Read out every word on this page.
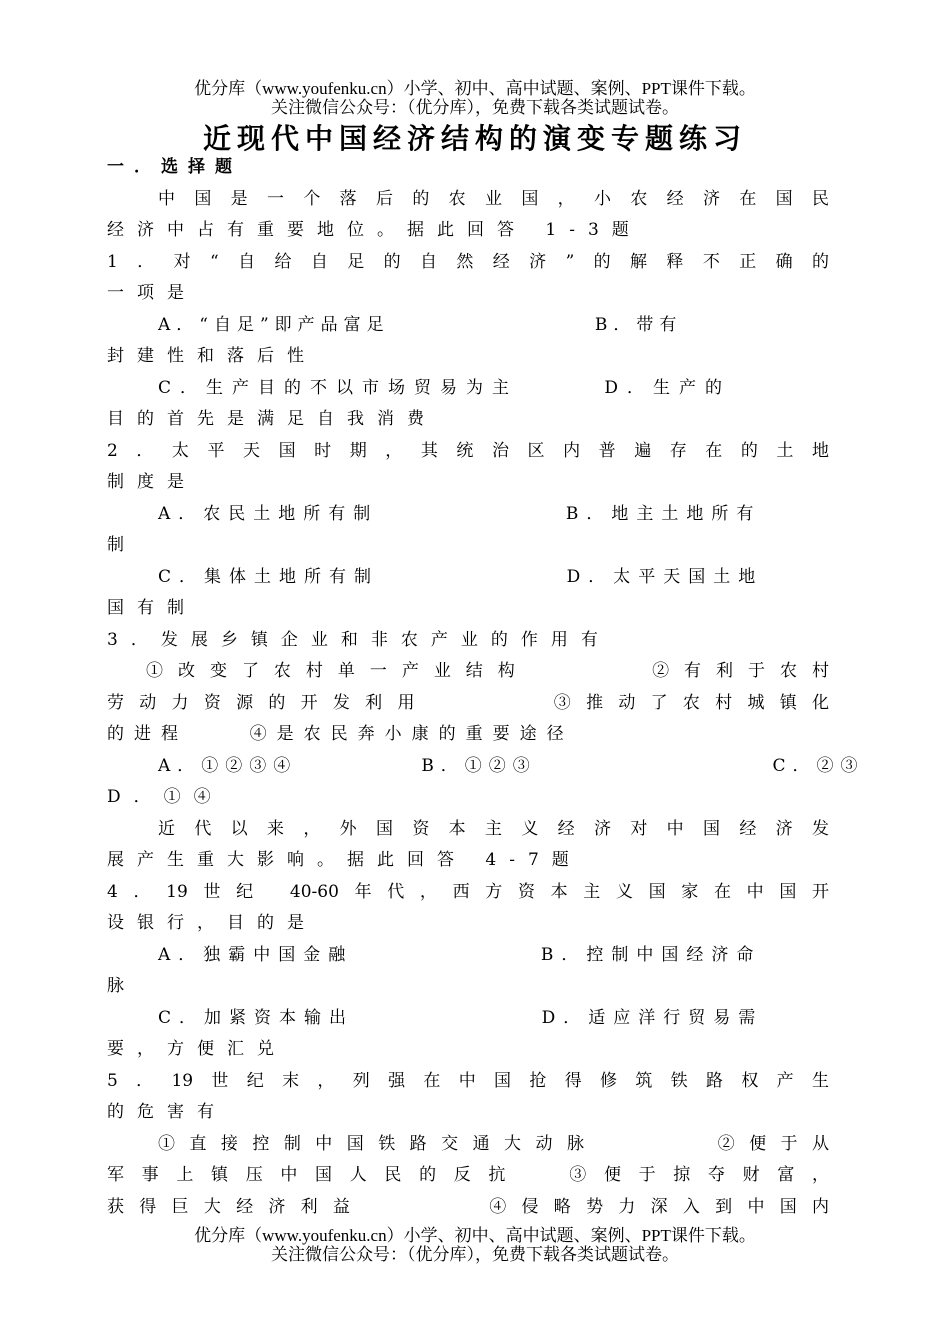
优分库（www.youfenku.cn）小学、初中、高中试题、案例、PPT课件下载。
关注微信公众号：（优分库），免费下载各类试题试卷。
近现代中国经济结构的演变专题练习
一．选择题
中国是一个落后的农业国，小农经济在国民
经济中占有重要地位。据此回答 1-3题
1．对“自给自足的自然经济”的解释不正确的
一项是
A．“自足”即产品富足                  B．带有
封建性和落后性
C．生产目的不以市场贸易为主      D．生产的
目的首先是满足自我消费
2．太平天国时期，其统治区内普遍存在的土地
制度是
A．农民土地所有制              B．地主土地所有
制
C．集体土地所有制              D．太平天国土地
国有制
3．发展乡镇企业和非农产业的作用有
①改变了农村单一产业结构      ②有利于农村
劳动力资源的开发利用      ③推动了农村城镇化
的进程    ④是农民奔小康的重要途径
A．①②③④          B．①②③                   C．②③
D．①④
近代以来，外国资本主义经济对中国经济发
展产生重大影响。据此回答 4-7题
4．19世纪 40-60年代，西方资本主义国家在中国开
设银行，目的是
A．独霸中国金融              B．控制中国经济命
脉
C．加紧资本输出              D．适应洋行贸易需
要，方便汇兑
5．19世纪末，列强在中国抢得修筑铁路权产生
的危害有
①直接控制中国铁路交通大动脉      ②便于从
军事上镇压中国人民的反抗  ③便于掠夺财富，
获得巨大经济利益      ④侵略势力深入到中国内
优分库（www.youfenku.cn）小学、初中、高中试题、案例、PPT课件下载。
关注微信公众号：（优分库），免费下载各类试题试卷。
